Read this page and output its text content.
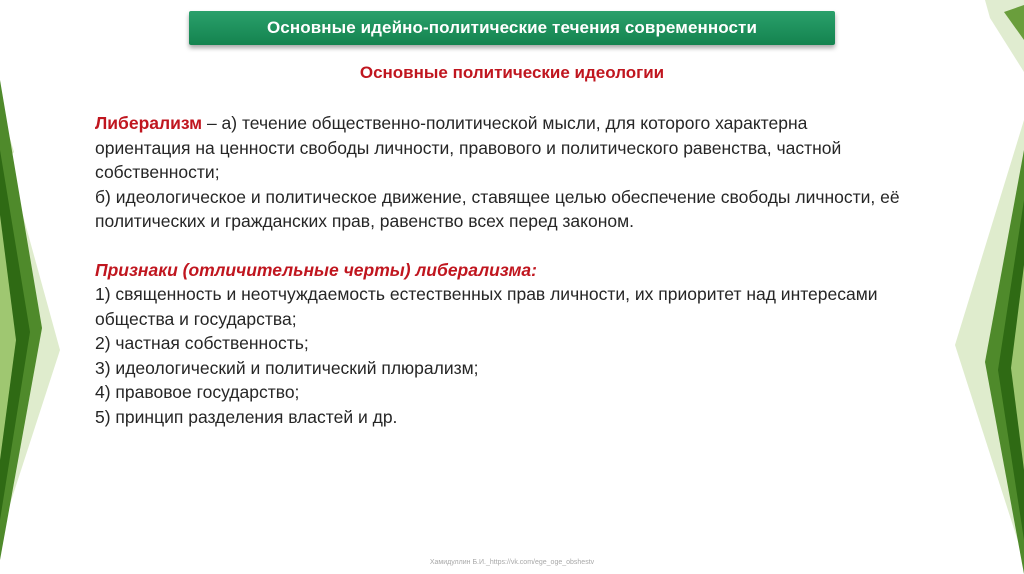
Основные идейно-политические течения современности
Основные политические идеологии

Либерализм – а) течение общественно-политической мысли, для которого характерна ориентация на ценности свободы личности, правового и политического равенства, частной собственности;

б) идеологическое и политическое движение, ставящее целью обеспечение свободы личности, её политических и гражданских прав, равенство всех перед законом.

Признаки (отличительные черты) либерализма:

1) священность и неотчуждаемость естественных прав личности, их приоритет над интересами общества и государства;

2) частная собственность;

3) идеологический и политический плюрализм;

4) правовое государство;

5) принцип разделения властей и др.

Хамидуллин Б.И._https://vk.com/ege_oge_obshestv
